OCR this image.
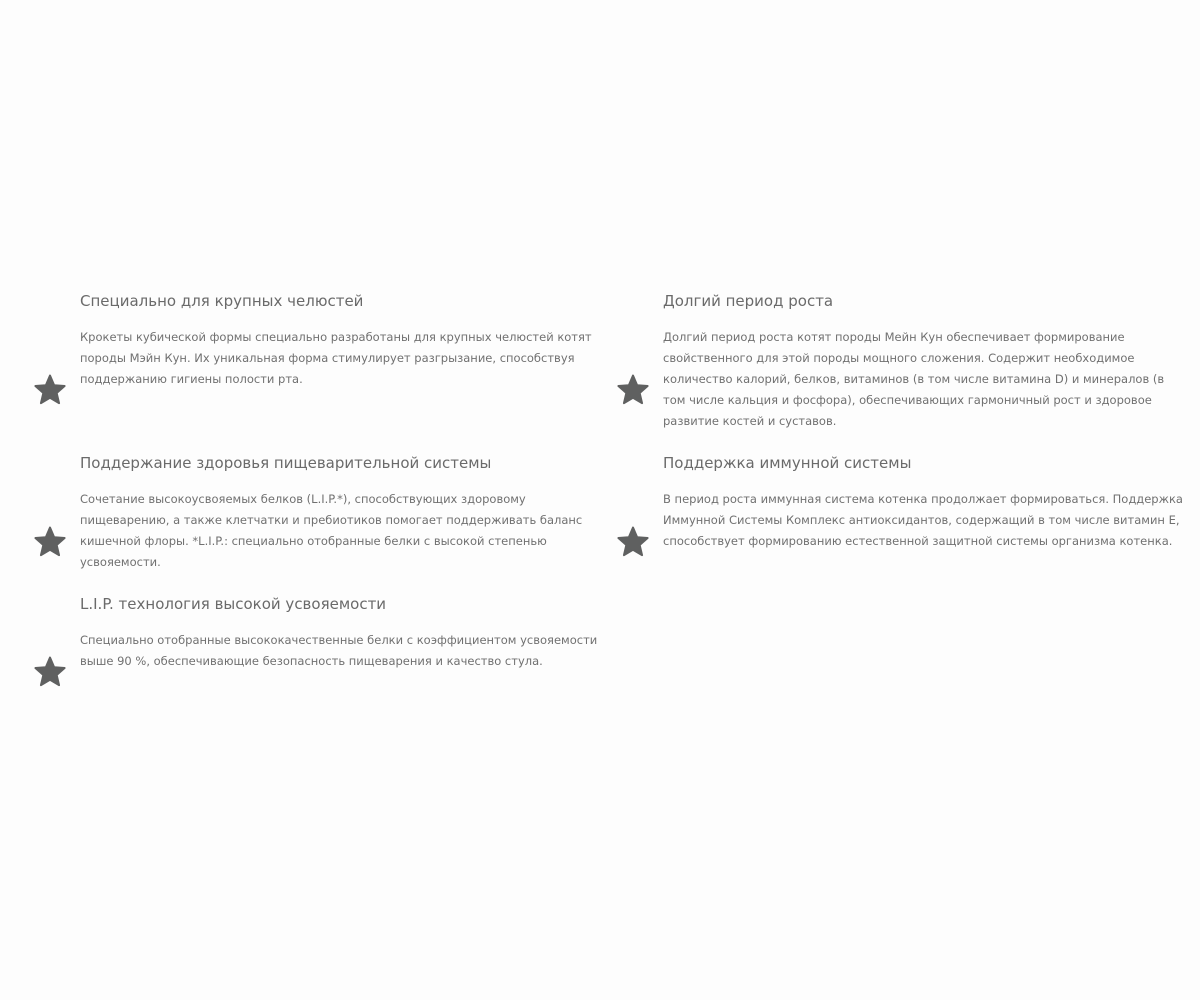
Специально для крупных челюстей

Крокеты кубической формы специально разработаны для крупных челюстей котят породы Мэйн Кун. Их уникальная форма стимулирует разгрызание, способствуя поддержанию гигиены полости рта.

Долгий период роста

Долгий период роста котят породы Мейн Кун обеспечивает формирование свойственного для этой породы мощного сложения. Содержит необходимое количество калорий, белков, витаминов (в том числе витамина D) и минералов (в том числе кальция и фосфора), обеспечивающих гармоничный рост и здоровое развитие костей и суставов.

Поддержание здоровья пищеварительной системы

Сочетание высокоусвояемых белков (L.I.P.*), способствующих здоровому пищеварению, а также клетчатки и пребиотиков помогает поддерживать баланс кишечной флоры. *L.I.P.: специально отобранные белки с высокой степенью усвояемости.

Поддержка иммунной системы

В период роста иммунная система котенка продолжает формироваться. Поддержка Иммунной Системы Комплекс антиоксидантов, содержащий в том числе витамин Е, способствует формированию естественной защитной системы организма котенка.

L.I.P. технология высокой усвояемости

Специально отобранные высококачественные белки с коэффициентом усвояемости выше 90 %, обеспечивающие безопасность пищеварения и качество стула.
